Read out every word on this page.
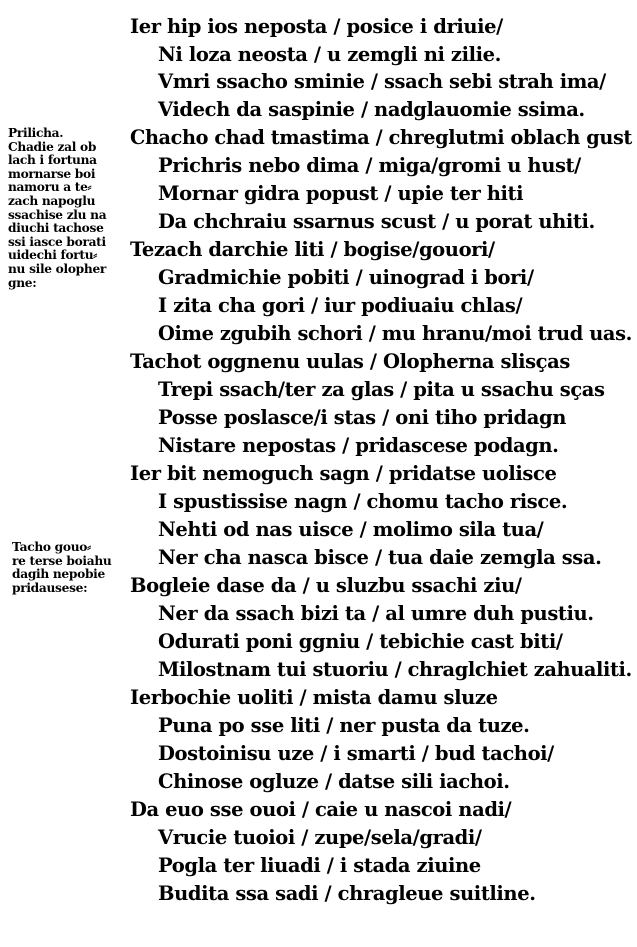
Ier hip ios neposta / posice i driuie/
Ni loza neosta / u zemgli ni zilie.
Vmri ssacho sminie / ssach sebi strah ima/
Videch da saspinie / nadglauomie ssima.
Chacho chad tmastima / chreglutmi oblach gust
Prichris nebo dima / miga/gromi u hust/
Mornar gidra popust / upie ter hiti
Da chchraiu ssarnus scust / u porat uhiti.
Tezach darchie liti / bogise/gouori/
Gradmichie pobiti / uinograd i bori/
I zita cha gori / iur podiuaiu chlas/
Oime zgubih schori / mu hranu/moi trud uas.
Tachot oggnenu uulas / Olopherna slisças
Trepi ssach/ter za glas / pita u ssachu sças
Posse poslasce/i stas / oni tiho pridagn
Nistare nepostas / pridascese podagn.
Ier bit nemoguch sagn / pridatse uolisce
I spustissise nagn / chomu tacho risce.
Nehti od nas uisce / molimo sila tua/
Ner cha nasca bisce / tua daie zemgla ssa.
Bogleie dase da / u sluzbu ssachi ziu/
Ner da ssach bizi ta / al umre duh pustiu.
Odurati poni ggniu / tebichie cast biti/
Milostnam tui stuoriu / chraglchiet zahualiti.
Ierbochie uoliti / mista damu sluze
Puna po sse liti / ner pusta da tuze.
Dostoinisu uze / i smarti / bud tachoi/
Chinose ogluze / datse sili iachoi.
Da euo sse ouoi / caie u nascoi nadi/
Vrucie tuoioi / zupe/sela/gradi/
Pogla ter liuadi / i stada ziuine
Budita ssa sadi / chragleue suitline.
Prilicha.
Chadie zal ob
lach i fortuna
mornarse boi
namoru a te⸗
zach napoglu
ssachise zlu na
diuchi tachose
ssi iasce borati
uidechi fortu⸗
nu sile olopher
gne:
Tacho gouo⸗
re terse boiahu
dagih nepobie
pridausese:
